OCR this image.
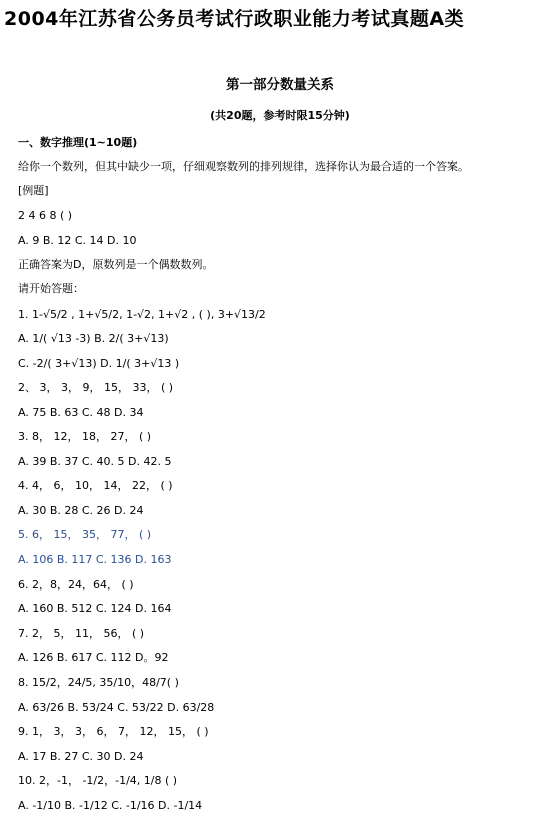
2004年江苏省公务员考试行政职业能力考试真题A类
第一部分数量关系
(共20题，参考时限15分钟)
一、数字推理(1~10题)
给你一个数列，但其中缺少一项，仔细观察数列的排列规律，选择你认为最合适的一个答案。
[例题]
2 4 6 8 ( )
A. 9 B. 12 C. 14 D. 10
正确答案为D，原数列是一个偶数数列。
请开始答题：
1. 1-√5/2 , 1+√5/2, 1-√2, 1+√2 , ( ), 3+√13/2
A. 1/( √13 -3) B. 2/( 3+√13)
C. -2/( 3+√13) D. 1/( 3+√13 )
2、 3， 3， 9， 15， 33， ( )
A. 75 B. 63 C. 48 D. 34
3. 8， 12， 18， 27， ( )
A. 39 B. 37 C. 40. 5 D. 42. 5
4. 4， 6， 10， 14， 22， ( )
A. 30 B. 28 C. 26 D. 24
5. 6， 15， 35， 77， ( )
A. 106 B. 117 C. 136 D. 163
6. 2，8，24，64， ( )
A. 160 B. 512 C. 124 D. 164
7. 2， 5， 11， 56， ( )
A. 126 B. 617 C. 112 D。92
8. 15/2，24/5, 35/10，48/7( )
A. 63/26 B. 53/24 C. 53/22 D. 63/28
9. 1， 3， 3， 6， 7， 12， 15， ( )
A. 17 B. 27 C. 30 D. 24
10. 2，-1， -1/2，-1/4, 1/8 ( )
A. -1/10 B. -1/12 C. -1/16 D. -1/14
